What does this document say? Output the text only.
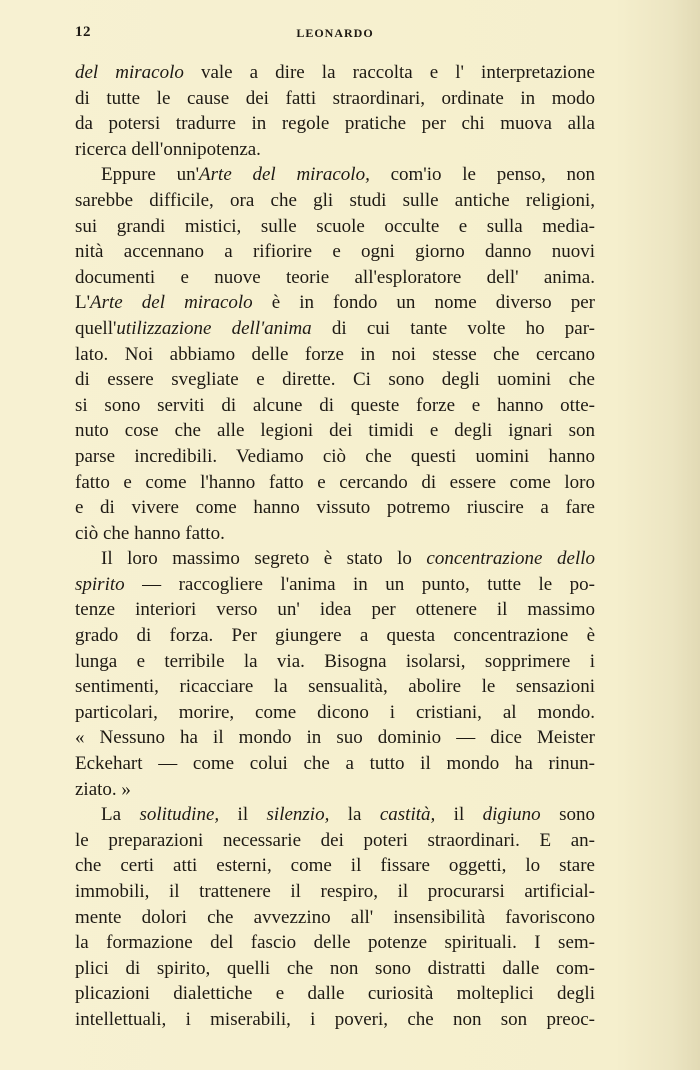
12	LEONARDO
del miracolo vale a dire la raccolta e l' interpretazione
di tutte le cause dei fatti straordinari, ordinate in modo
da potersi tradurre in regole pratiche per chi muova alla
ricerca dell'onnipotenza.
Eppure un'Arte del miracolo, com'io le penso, non
sarebbe difficile, ora che gli studi sulle antiche religioni,
sui grandi mistici, sulle scuole occulte e sulla media-
nità accennano a rifiorire e ogni giorno danno nuovi
documenti e nuove teorie all'esploratore dell' anima.
L'Arte del miracolo è in fondo un nome diverso per
quell'utilizzazione dell'anima di cui tante volte ho par-
lato. Noi abbiamo delle forze in noi stesse che cercano
di essere svegliate e dirette. Ci sono degli uomini che
si sono serviti di alcune di queste forze e hanno otte-
nuto cose che alle legioni dei timidi e degli ignari son
parse incredibili. Vediamo ciò che questi uomini hanno
fatto e come l'hanno fatto e cercando di essere come loro
e di vivere come hanno vissuto potremo riuscire a fare
ciò che hanno fatto.
Il loro massimo segreto è stato lo concentrazione dello
spirito — raccogliere l'anima in un punto, tutte le po-
tenze interiori verso un' idea per ottenere il massimo
grado di forza. Per giungere a questa concentrazione è
lunga e terribile la via. Bisogna isolarsi, sopprimere i
sentimenti, ricacciare la sensualità, abolire le sensazioni
particolari, morire, come dicono i cristiani, al mondo.
« Nessuno ha il mondo in suo dominio — dice Meister
Eckehart — come colui che a tutto il mondo ha rinun-
ziato. »
La solitudine, il silenzio, la castità, il digiuno sono
le preparazioni necessarie dei poteri straordinari. E an-
che certi atti esterni, come il fissare oggetti, lo stare
immobili, il trattenere il respiro, il procurarsi artificial-
mente dolori che avvezzino all' insensibilità favoriscono
la formazione del fascio delle potenze spirituali. I sem-
plici di spirito, quelli che non sono distratti dalle com-
plicazioni dialettiche e dalle curiosità molteplici degli
intellettuali, i miserabili, i poveri, che non son preoc-
